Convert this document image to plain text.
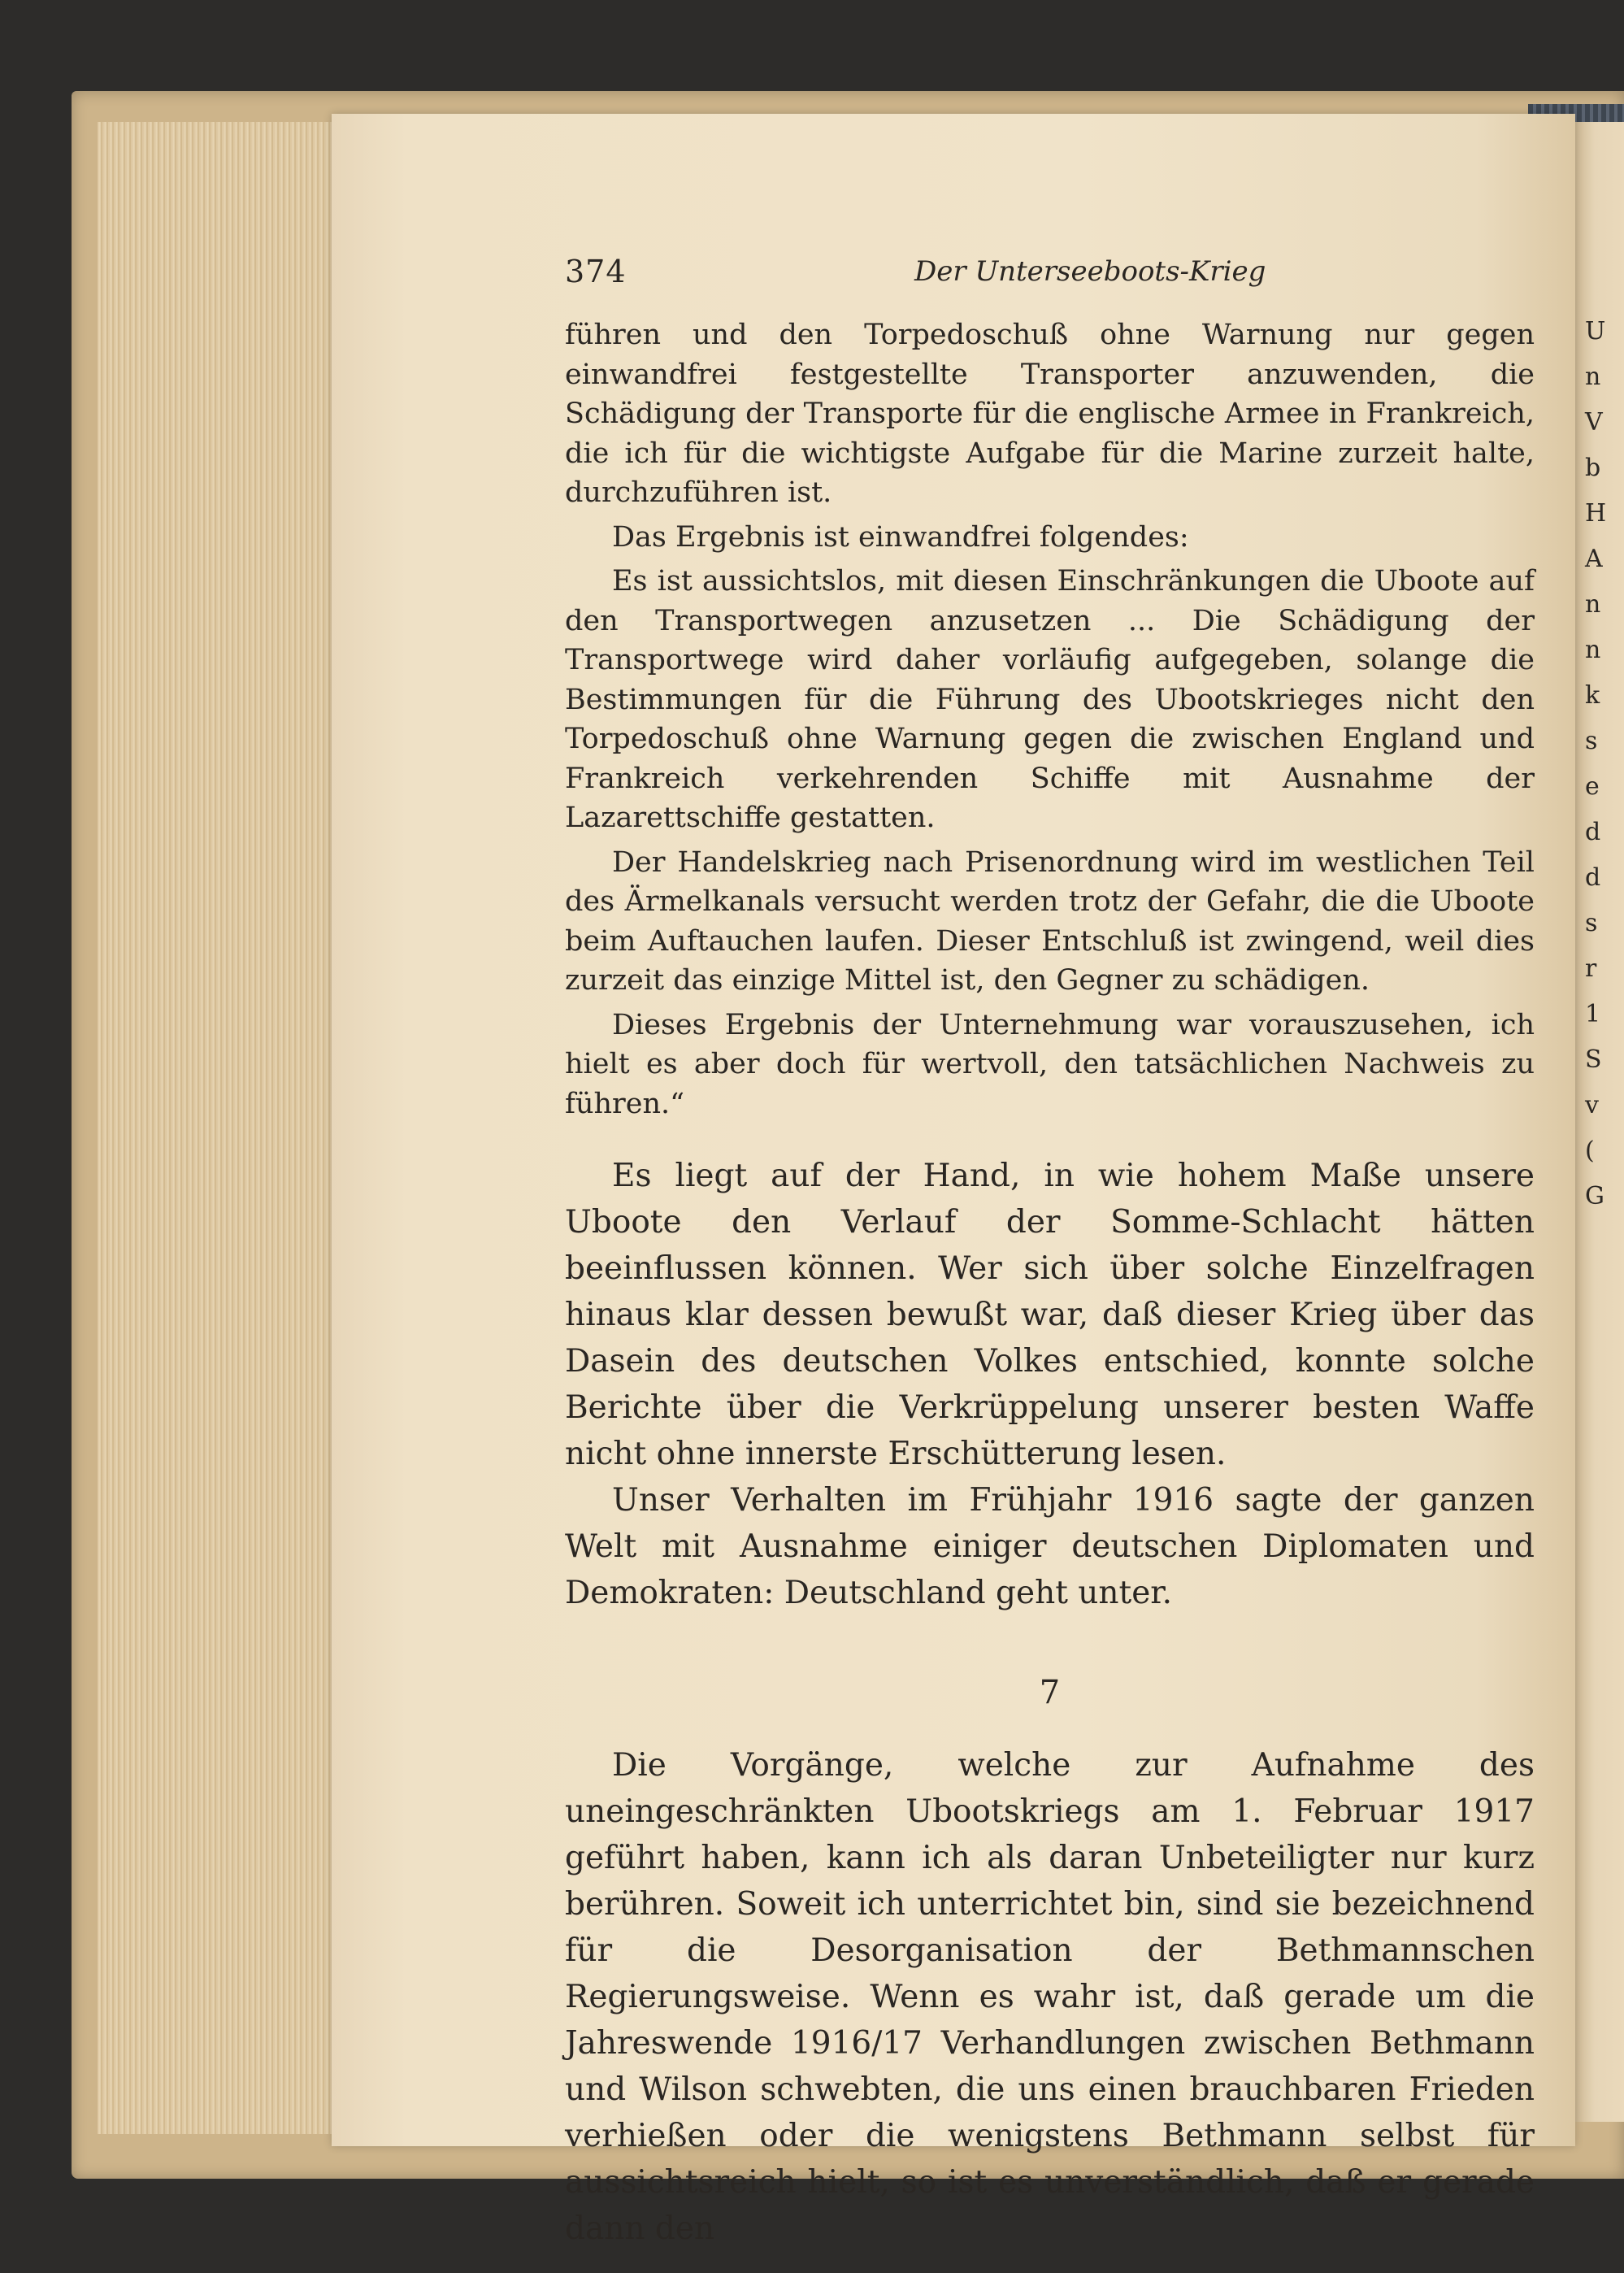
374	Der Unterseeboots-Krieg

führen und den Torpedoschuß ohne Warnung nur gegen einwandfrei festgestellte Transporter anzuwenden, die Schädigung der Transporte für die englische Armee in Frankreich, die ich für die wichtigste Aufgabe für die Marine zurzeit halte, durchzuführen ist.

Das Ergebnis ist einwandfrei folgendes:

Es ist aussichtslos, mit diesen Einschränkungen die Uboote auf den Transportwegen anzusetzen ... Die Schädigung der Transportwege wird daher vorläufig aufgegeben, solange die Bestimmungen für die Führung des Ubootskrieges nicht den Torpedoschuß ohne Warnung gegen die zwischen England und Frankreich verkehrenden Schiffe mit Ausnahme der Lazarettschiffe gestatten.

Der Handelskrieg nach Prisenordnung wird im westlichen Teil des Ärmelkanals versucht werden trotz der Gefahr, die die Uboote beim Auftauchen laufen. Dieser Entschluß ist zwingend, weil dies zurzeit das einzige Mittel ist, den Gegner zu schädigen.

Dieses Ergebnis der Unternehmung war vorauszusehen, ich hielt es aber doch für wertvoll, den tatsächlichen Nachweis zu führen.“

Es liegt auf der Hand, in wie hohem Maße unsere Uboote den Verlauf der Somme-Schlacht hätten beeinflussen können. Wer sich über solche Einzelfragen hinaus klar dessen bewußt war, daß dieser Krieg über das Dasein des deutschen Volkes entschied, konnte solche Berichte über die Verkrüppelung unserer besten Waffe nicht ohne innerste Erschütterung lesen.

Unser Verhalten im Frühjahr 1916 sagte der ganzen Welt mit Ausnahme einiger deutschen Diplomaten und Demokraten: Deutschland geht unter.

7

Die Vorgänge, welche zur Aufnahme des uneingeschränkten Ubootskriegs am 1. Februar 1917 geführt haben, kann ich als daran Unbeteiligter nur kurz berühren. Soweit ich unterrichtet bin, sind sie bezeichnend für die Desorganisation der Bethmannschen Regierungsweise. Wenn es wahr ist, daß gerade um die Jahreswende 1916/17 Verhandlungen zwischen Bethmann und Wilson schwebten, die uns einen brauchbaren Frieden verhießen oder die wenigstens Bethmann selbst für aussichtsreich hielt, so ist es unverständlich, daß er gerade dann den

U
n
V
b
H
A
n
n
k
s
e
d
d
s
r
1
S
v
(
G
